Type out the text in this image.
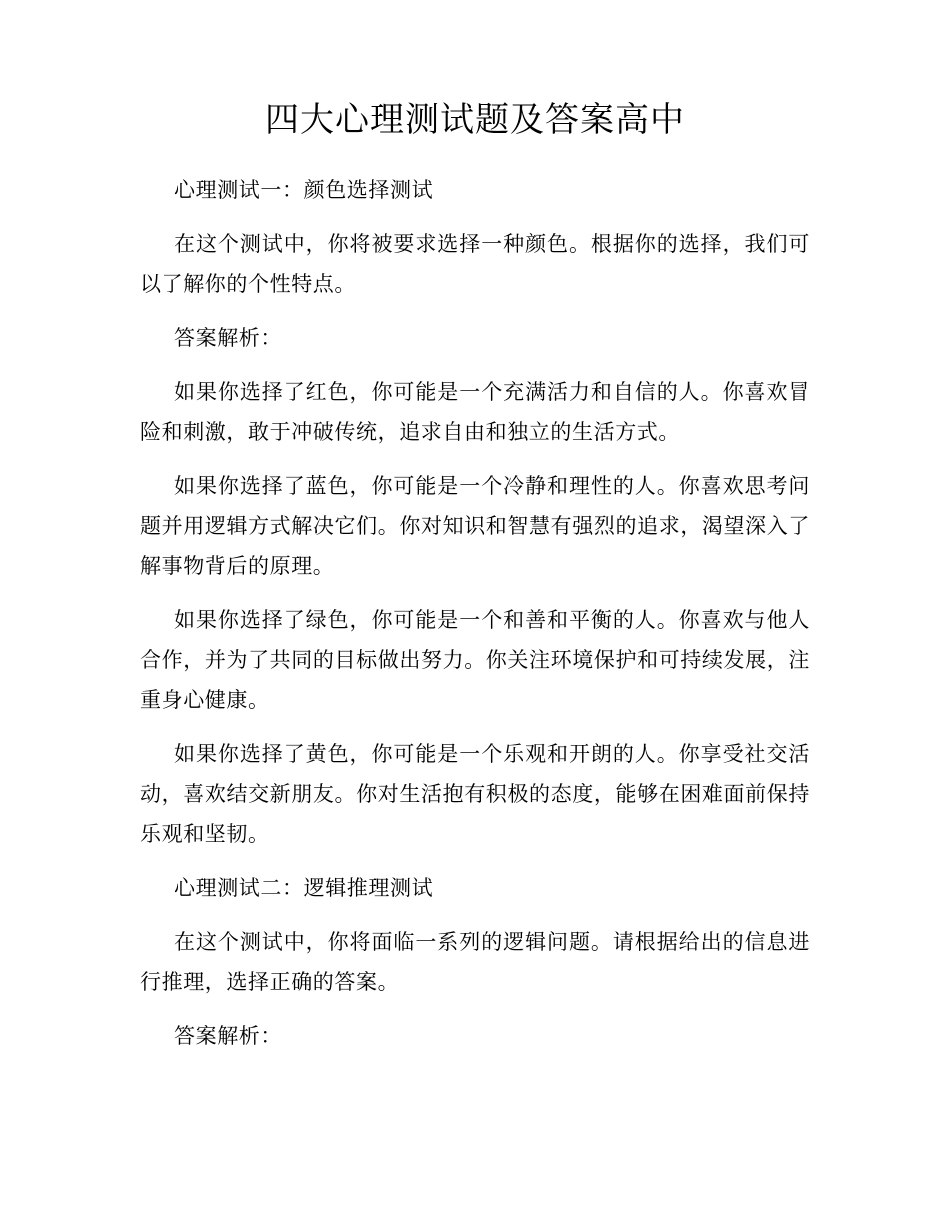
四大心理测试题及答案高中

心理测试一：颜色选择测试

在这个测试中，你将被要求选择一种颜色。根据你的选择，我们可以了解你的个性特点。

答案解析：

如果你选择了红色，你可能是一个充满活力和自信的人。你喜欢冒险和刺激，敢于冲破传统，追求自由和独立的生活方式。

如果你选择了蓝色，你可能是一个冷静和理性的人。你喜欢思考问题并用逻辑方式解决它们。你对知识和智慧有强烈的追求，渴望深入了解事物背后的原理。

如果你选择了绿色，你可能是一个和善和平衡的人。你喜欢与他人合作，并为了共同的目标做出努力。你关注环境保护和可持续发展，注重身心健康。

如果你选择了黄色，你可能是一个乐观和开朗的人。你享受社交活动，喜欢结交新朋友。你对生活抱有积极的态度，能够在困难面前保持乐观和坚韧。

心理测试二：逻辑推理测试

在这个测试中，你将面临一系列的逻辑问题。请根据给出的信息进行推理，选择正确的答案。

答案解析：
